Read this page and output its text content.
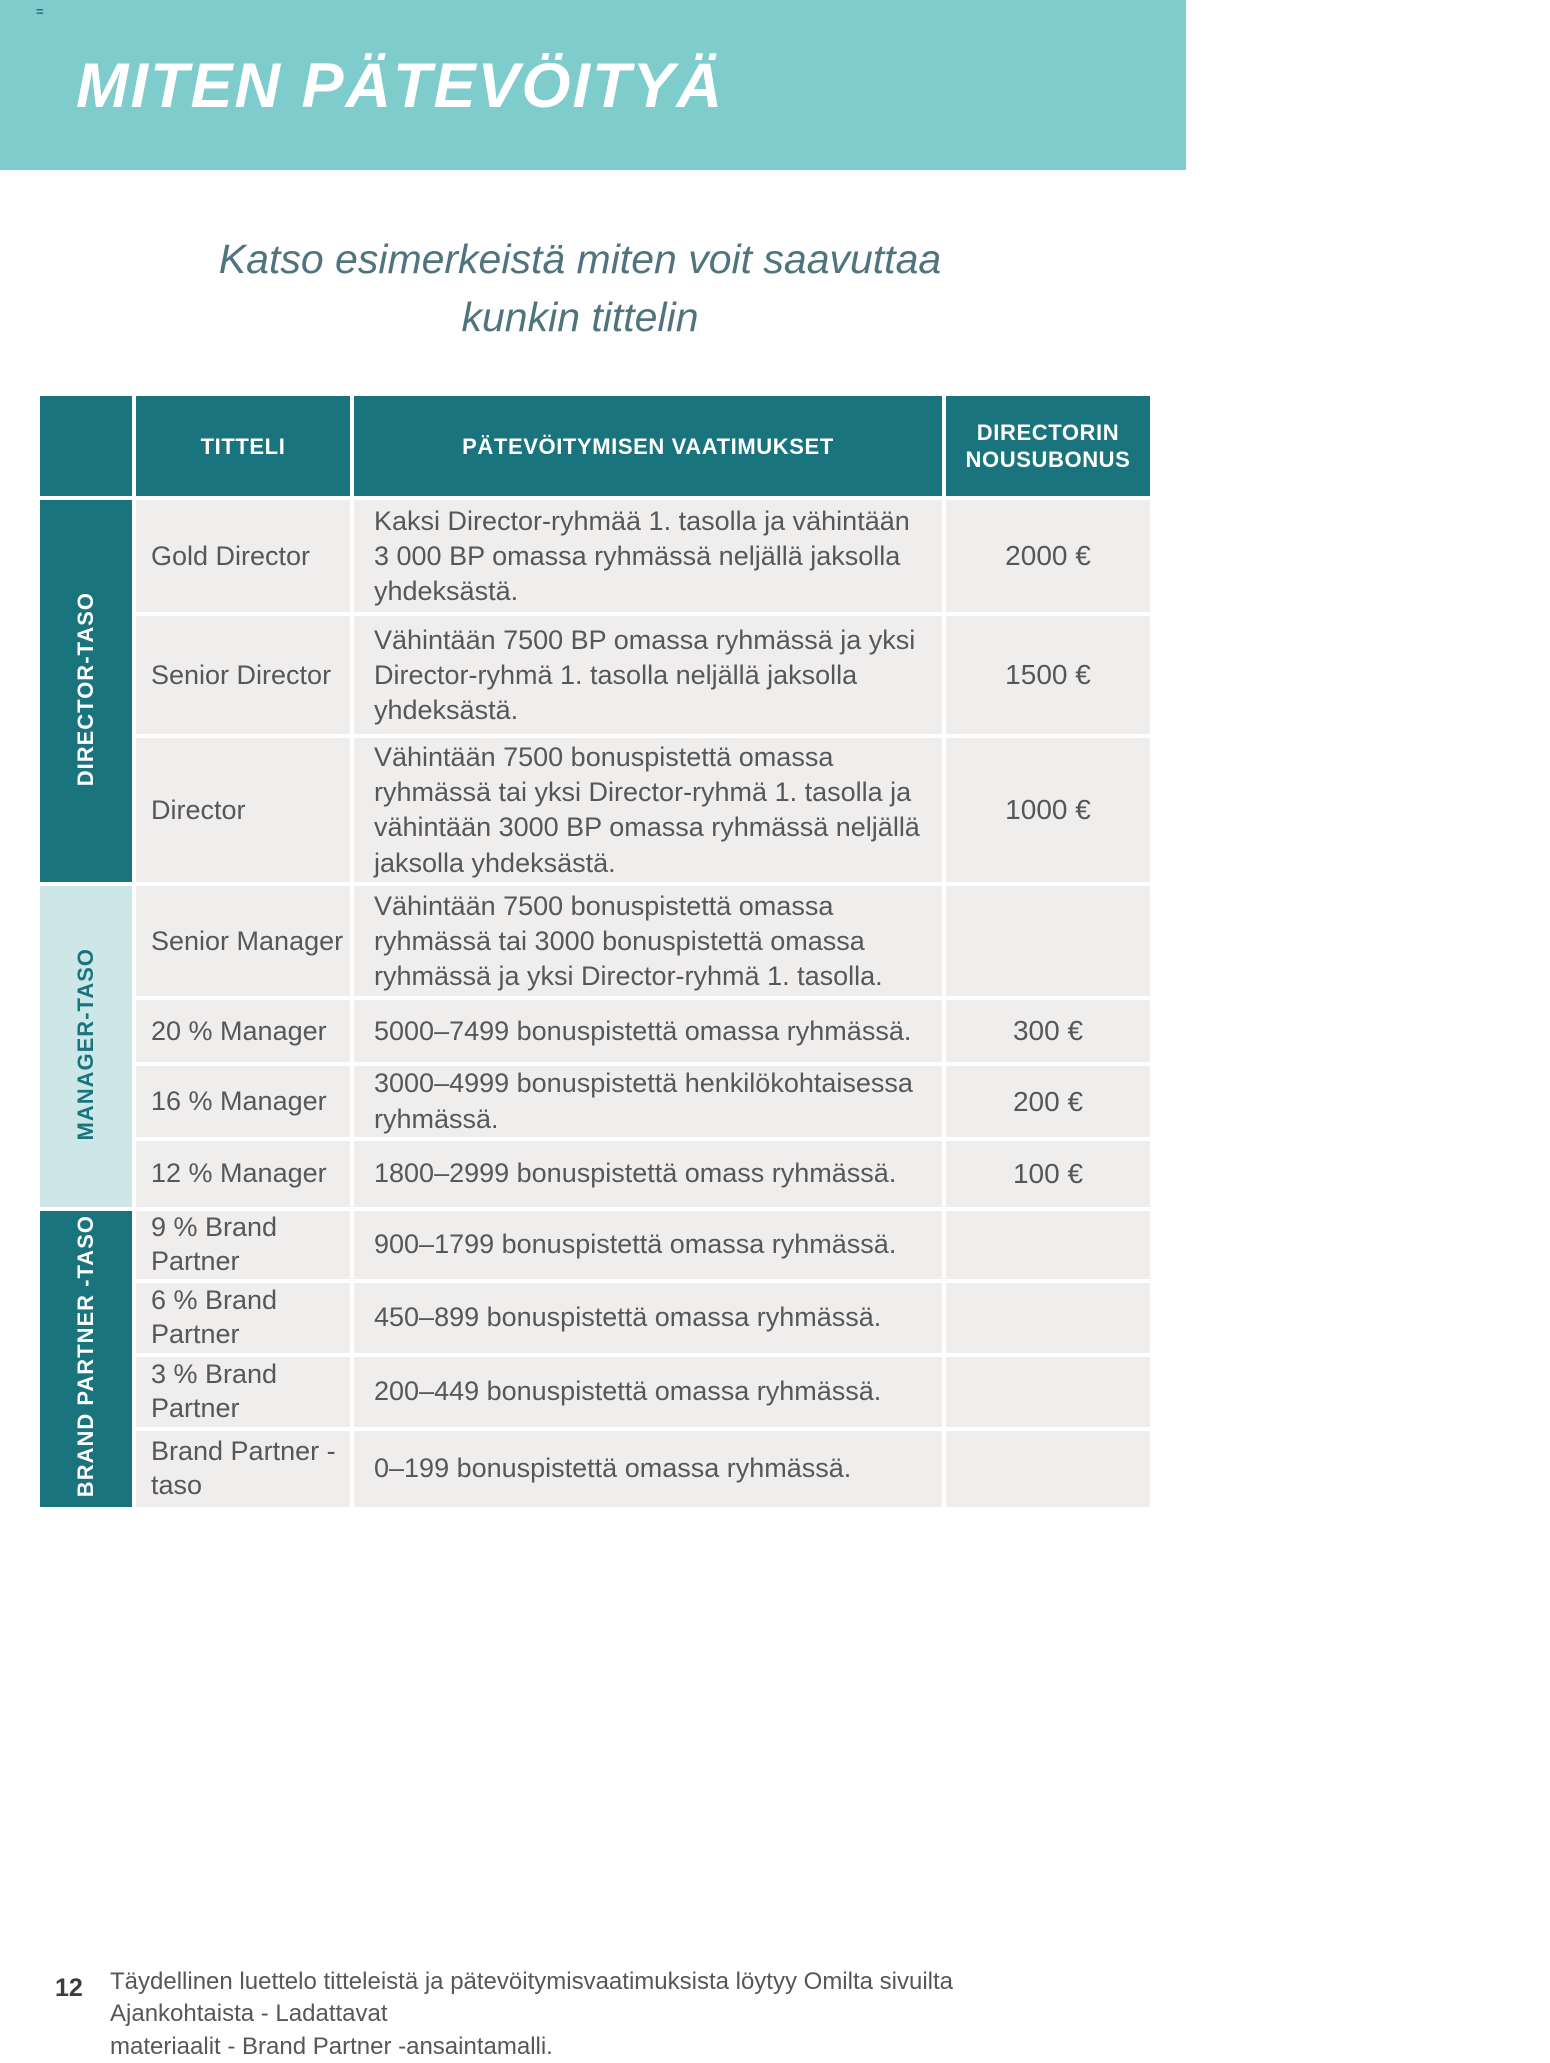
=
MITEN PÄTEVÖITYÄ
Katso esimerkeistä miten voit saavuttaa
kunkin tittelin
	TITTELI	PÄTEVÖITYMISEN VAATIMUKSET	DIRECTORIN NOUSUBONUS
DIRECTOR-TASO	Gold Director	Kaksi Director-ryhmää 1. tasolla ja vähintään 3 000 BP omassa ryhmässä neljällä jaksolla yhdeksästä.	2000 €
	Senior Director	Vähintään 7500 BP omassa ryhmässä ja yksi Director-ryhmä 1. tasolla neljällä jaksolla yhdeksästä.	1500 €
	Director	Vähintään 7500 bonuspistettä omassa ryhmässä tai yksi Director-ryhmä 1. tasolla ja vähintään 3000 BP omassa ryhmässä neljällä jaksolla yhdeksästä.	1000 €
MANAGER-TASO	Senior Manager	Vähintään 7500 bonuspistettä omassa ryhmässä tai 3000 bonuspistettä omassa ryhmässä ja yksi Director-ryhmä 1. tasolla.	
	20 % Manager	5000–7499 bonuspistettä omassa ryhmässä.	300 €
	16 % Manager	3000–4999 bonuspistettä henkilökohtaisessa ryhmässä.	200 €
	12 % Manager	1800–2999 bonuspistettä omass ryhmässä.	100 €
BRAND PARTNER -TASO	9 % Brand Partner	900–1799 bonuspistettä omassa ryhmässä.	
	6 % Brand Partner	450–899 bonuspistettä omassa ryhmässä.	
	3 % Brand Partner	200–449 bonuspistettä omassa ryhmässä.	
	Brand Partner -taso	0–199 bonuspistettä omassa ryhmässä.	
12 Täydellinen luettelo titteleistä ja pätevöitymisvaatimuksista löytyy Omilta sivuilta Ajankohtaista - Ladattavat
materiaalit - Brand Partner -ansaintamalli.
